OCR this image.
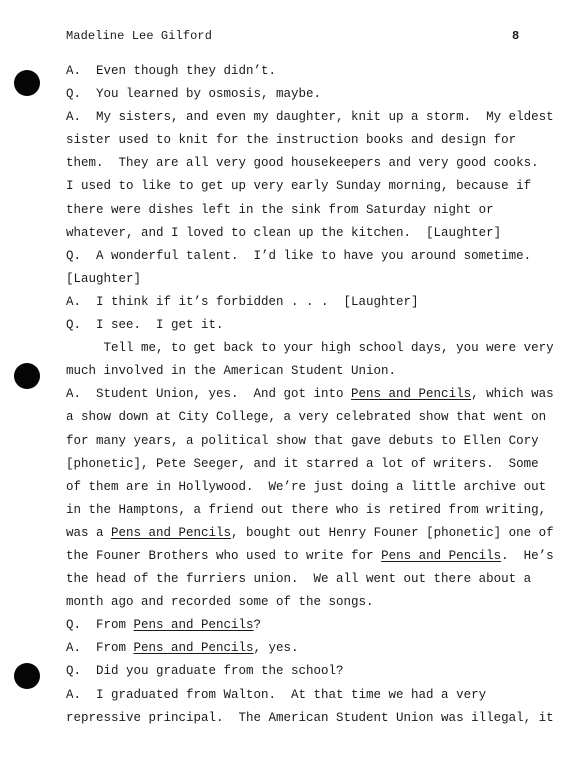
Madeline Lee Gilford	8
A.  Even though they didn’t.
Q.  You learned by osmosis, maybe.
A.  My sisters, and even my daughter, knit up a storm.  My eldest
sister used to knit for the instruction books and design for
them.  They are all very good housekeepers and very good cooks.
I used to like to get up very early Sunday morning, because if
there were dishes left in the sink from Saturday night or
whatever, and I loved to clean up the kitchen.  [Laughter]
Q.  A wonderful talent.  I’d like to have you around sometime.
[Laughter]
A.  I think if it’s forbidden . . .  [Laughter]
Q.  I see.  I get it.
Tell me, to get back to your high school days, you were very
much involved in the American Student Union.
A.  Student Union, yes.  And got into Pens and Pencils, which was
a show down at City College, a very celebrated show that went on
for many years, a political show that gave debuts to Ellen Cory
[phonetic], Pete Seeger, and it starred a lot of writers.  Some
of them are in Hollywood.  We’re just doing a little archive out
in the Hamptons, a friend out there who is retired from writing,
was a Pens and Pencils, bought out Henry Founer [phonetic] one of
the Founer Brothers who used to write for Pens and Pencils.  He’s
the head of the furriers union.  We all went out there about a
month ago and recorded some of the songs.
Q.  From Pens and Pencils?
A.  From Pens and Pencils, yes.
Q.  Did you graduate from the school?
A.  I graduated from Walton.  At that time we had a very
repressive principal.  The American Student Union was illegal, it
